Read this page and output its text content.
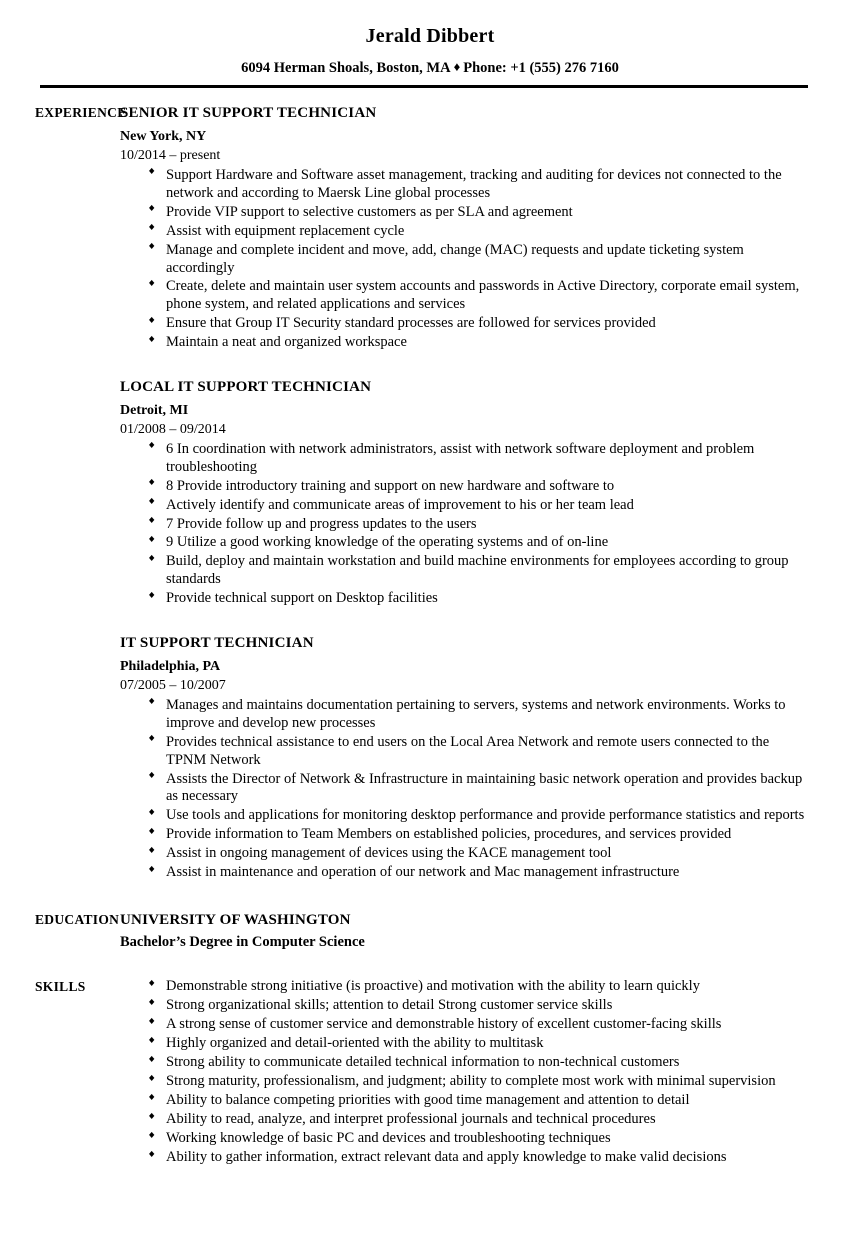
Jerald Dibbert
6094 Herman Shoals, Boston, MA ♦ Phone: +1 (555) 276 7160
EXPERIENCE
SENIOR IT SUPPORT TECHNICIAN
New York, NY
10/2014 – present
◆ Support Hardware and Software asset management, tracking and auditing for devices not connected to the network and according to Maersk Line global processes
◆ Provide VIP support to selective customers as per SLA and agreement
◆ Assist with equipment replacement cycle
◆ Manage and complete incident and move, add, change (MAC) requests and update ticketing system accordingly
◆ Create, delete and maintain user system accounts and passwords in Active Directory, corporate email system, phone system, and related applications and services
◆ Ensure that Group IT Security standard processes are followed for services provided
◆ Maintain a neat and organized workspace
LOCAL IT SUPPORT TECHNICIAN
Detroit, MI
01/2008 – 09/2014
◆ 6 In coordination with network administrators, assist with network software deployment and problem troubleshooting
◆ 8 Provide introductory training and support on new hardware and software to
◆ Actively identify and communicate areas of improvement to his or her team lead
◆ 7 Provide follow up and progress updates to the users
◆ 9 Utilize a good working knowledge of the operating systems and of on-line
◆ Build, deploy and maintain workstation and build machine environments for employees according to group standards
◆ Provide technical support on Desktop facilities
IT SUPPORT TECHNICIAN
Philadelphia, PA
07/2005 – 10/2007
◆ Manages and maintains documentation pertaining to servers, systems and network environments. Works to improve and develop new processes
◆ Provides technical assistance to end users on the Local Area Network and remote users connected to the TPNM Network
◆ Assists the Director of Network & Infrastructure in maintaining basic network operation and provides backup as necessary
◆ Use tools and applications for monitoring desktop performance and provide performance statistics and reports
◆ Provide information to Team Members on established policies, procedures, and services provided
◆ Assist in ongoing management of devices using the KACE management tool
◆ Assist in maintenance and operation of our network and Mac management infrastructure
EDUCATION UNIVERSITY OF WASHINGTON
Bachelor’s Degree in Computer Science
SKILLS	◆ Demonstrable strong initiative (is proactive) and motivation with the ability to learn quickly
◆ Strong organizational skills; attention to detail Strong customer service skills
◆ A strong sense of customer service and demonstrable history of excellent customer-facing skills
◆ Highly organized and detail-oriented with the ability to multitask
◆ Strong ability to communicate detailed technical information to non-technical customers
◆ Strong maturity, professionalism, and judgment; ability to complete most work with minimal supervision
◆ Ability to balance competing priorities with good time management and attention to detail
◆ Ability to read, analyze, and interpret professional journals and technical procedures
◆ Working knowledge of basic PC and devices and troubleshooting techniques
◆ Ability to gather information, extract relevant data and apply knowledge to make valid decisions
